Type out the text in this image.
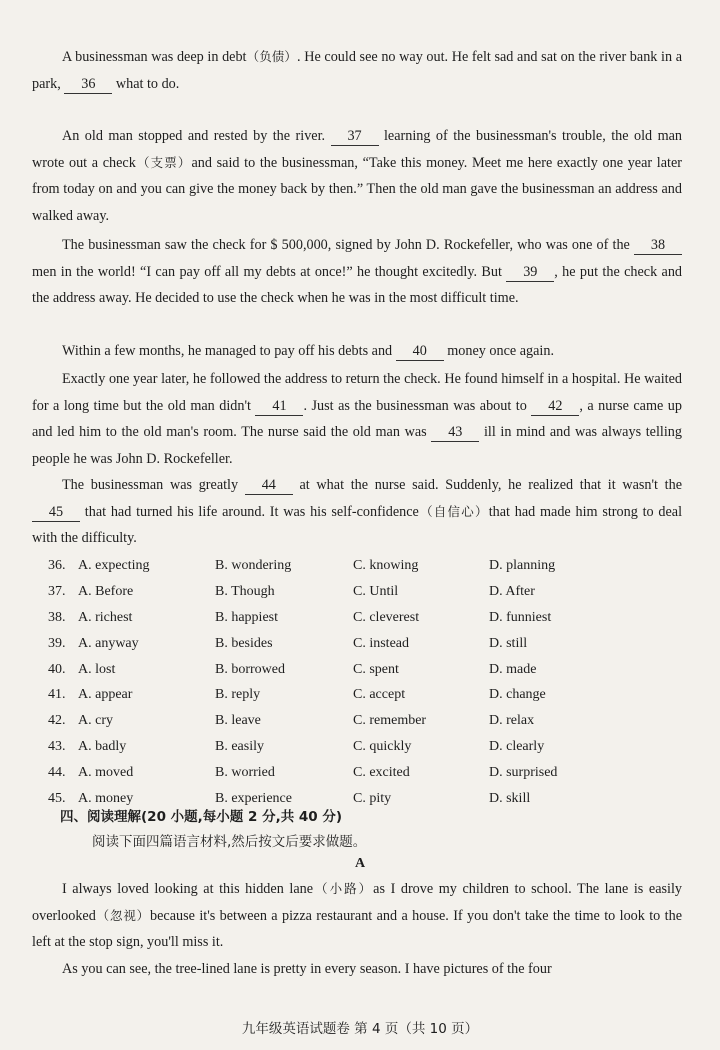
A businessman was deep in debt（负债）. He could see no way out. He felt sad and sat on the river bank in a park, 36 what to do.

An old man stopped and rested by the river. 37 learning of the businessman's trouble, the old man wrote out a check（支票）and said to the businessman, “Take this money. Meet me here exactly one year later from today on and you can give the money back by then.” Then the old man gave the businessman an address and walked away.

The businessman saw the check for $ 500,000, signed by John D. Rockefeller, who was one of the 38 men in the world! “I can pay off all my debts at once!” he thought excitedly. But 39 , he put the check and the address away. He decided to use the check when he was in the most difficult time.

Within a few months, he managed to pay off his debts and 40 money once again.

Exactly one year later, he followed the address to return the check. He found himself in a hospital. He waited for a long time but the old man didn't 41 . Just as the businessman was about to 42 , a nurse came up and led him to the old man's room. The nurse said the old man was 43 ill in mind and was always telling people he was John D. Rockefeller.

The businessman was greatly 44 at what the nurse said. Suddenly, he realized that it wasn't the 45 that had turned his life around. It was his self-confidence（自信心）that had made him strong to deal with the difficulty.

36.	A. expecting	B. wondering	C. knowing	D. planning
37.	A. Before	B. Though	C. Until	D. After
38.	A. richest	B. happiest	C. cleverest	D. funniest
39.	A. anyway	B. besides	C. instead	D. still
40.	A. lost	B. borrowed	C. spent	D. made
41.	A. appear	B. reply	C. accept	D. change
42.	A. cry	B. leave	C. remember	D. relax
43.	A. badly	B. easily	C. quickly	D. clearly
44.	A. moved	B. worried	C. excited	D. surprised
45.	A. money	B. experience	C. pity	D. skill
四、阅读理解(20 小题,每小题 2 分,共 40 分)
阅读下面四篇语言材料,然后按文后要求做题。
A

I always loved looking at this hidden lane（小路）as I drove my children to school. The lane is easily overlooked（忽视）because it's between a pizza restaurant and a house. If you don't take the time to look to the left at the stop sign, you'll miss it.

As you can see, the tree-lined lane is pretty in every season. I have pictures of the four

九年级英语试题卷 第 4 页（共 10 页）
